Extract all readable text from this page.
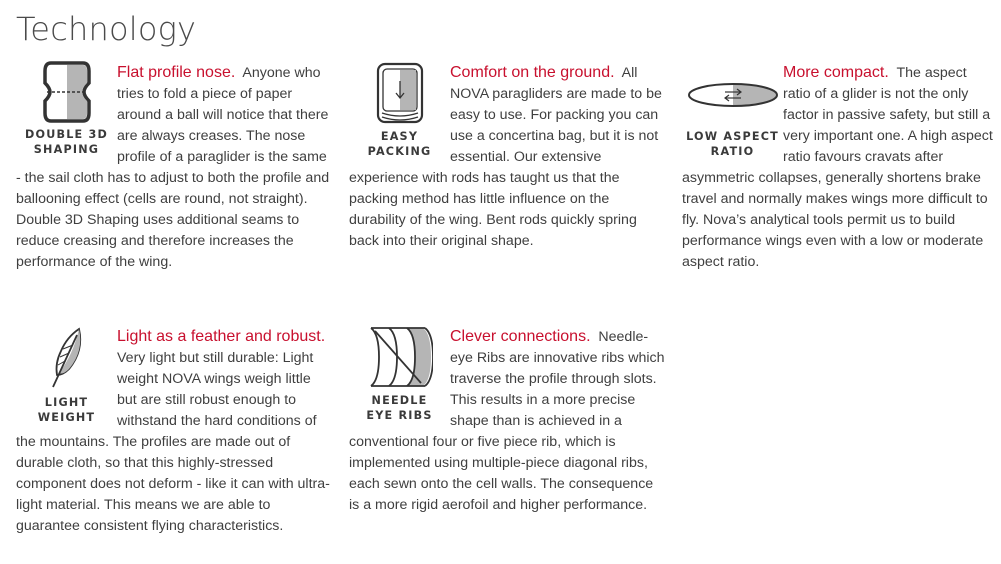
Technology
DOUBLE 3D
SHAPING
Flat profile nose. Anyone who tries to fold a piece of paper around a ball will notice that there are always creases. The nose profile of a paraglider is the same - the sail cloth has to adjust to both the profile and ballooning effect (cells are round, not straight). Double 3D Shaping uses additional seams to reduce creasing and therefore increases the performance of the wing.
EASY
PACKING
Comfort on the ground. All NOVA paragliders are made to be easy to use. For packing you can use a concertina bag, but it is not essential. Our extensive experience with rods has taught us that the packing method has little influence on the durability of the wing. Bent rods quickly spring back into their original shape.
LOW ASPECT
RATIO
More compact. The aspect ratio of a glider is not the only factor in passive safety, but still a very important one. A high aspect ratio favours cravats after asymmetric collapses, generally shortens brake travel and normally makes wings more difficult to fly. Nova’s analytical tools permit us to build performance wings even with a low or moderate aspect ratio.
LIGHT
WEIGHT
Light as a feather and robust.  Very light but still durable: Light weight NOVA wings weigh little but are still robust enough to withstand the hard conditions of the mountains. The profiles are made out of durable cloth, so that this highly-stressed component does not deform - like it can with ultra-light material. This means we are able to guarantee consistent flying characteristics.
NEEDLE
EYE RIBS
Clever connections. Needle-eye Ribs are innovative ribs which traverse the profile through slots. This results in a more precise shape than is achieved in a conventional four or five piece rib, which is implemented using multiple-piece diagonal ribs, each sewn onto the cell walls. The consequence is a more rigid aerofoil and higher performance.
